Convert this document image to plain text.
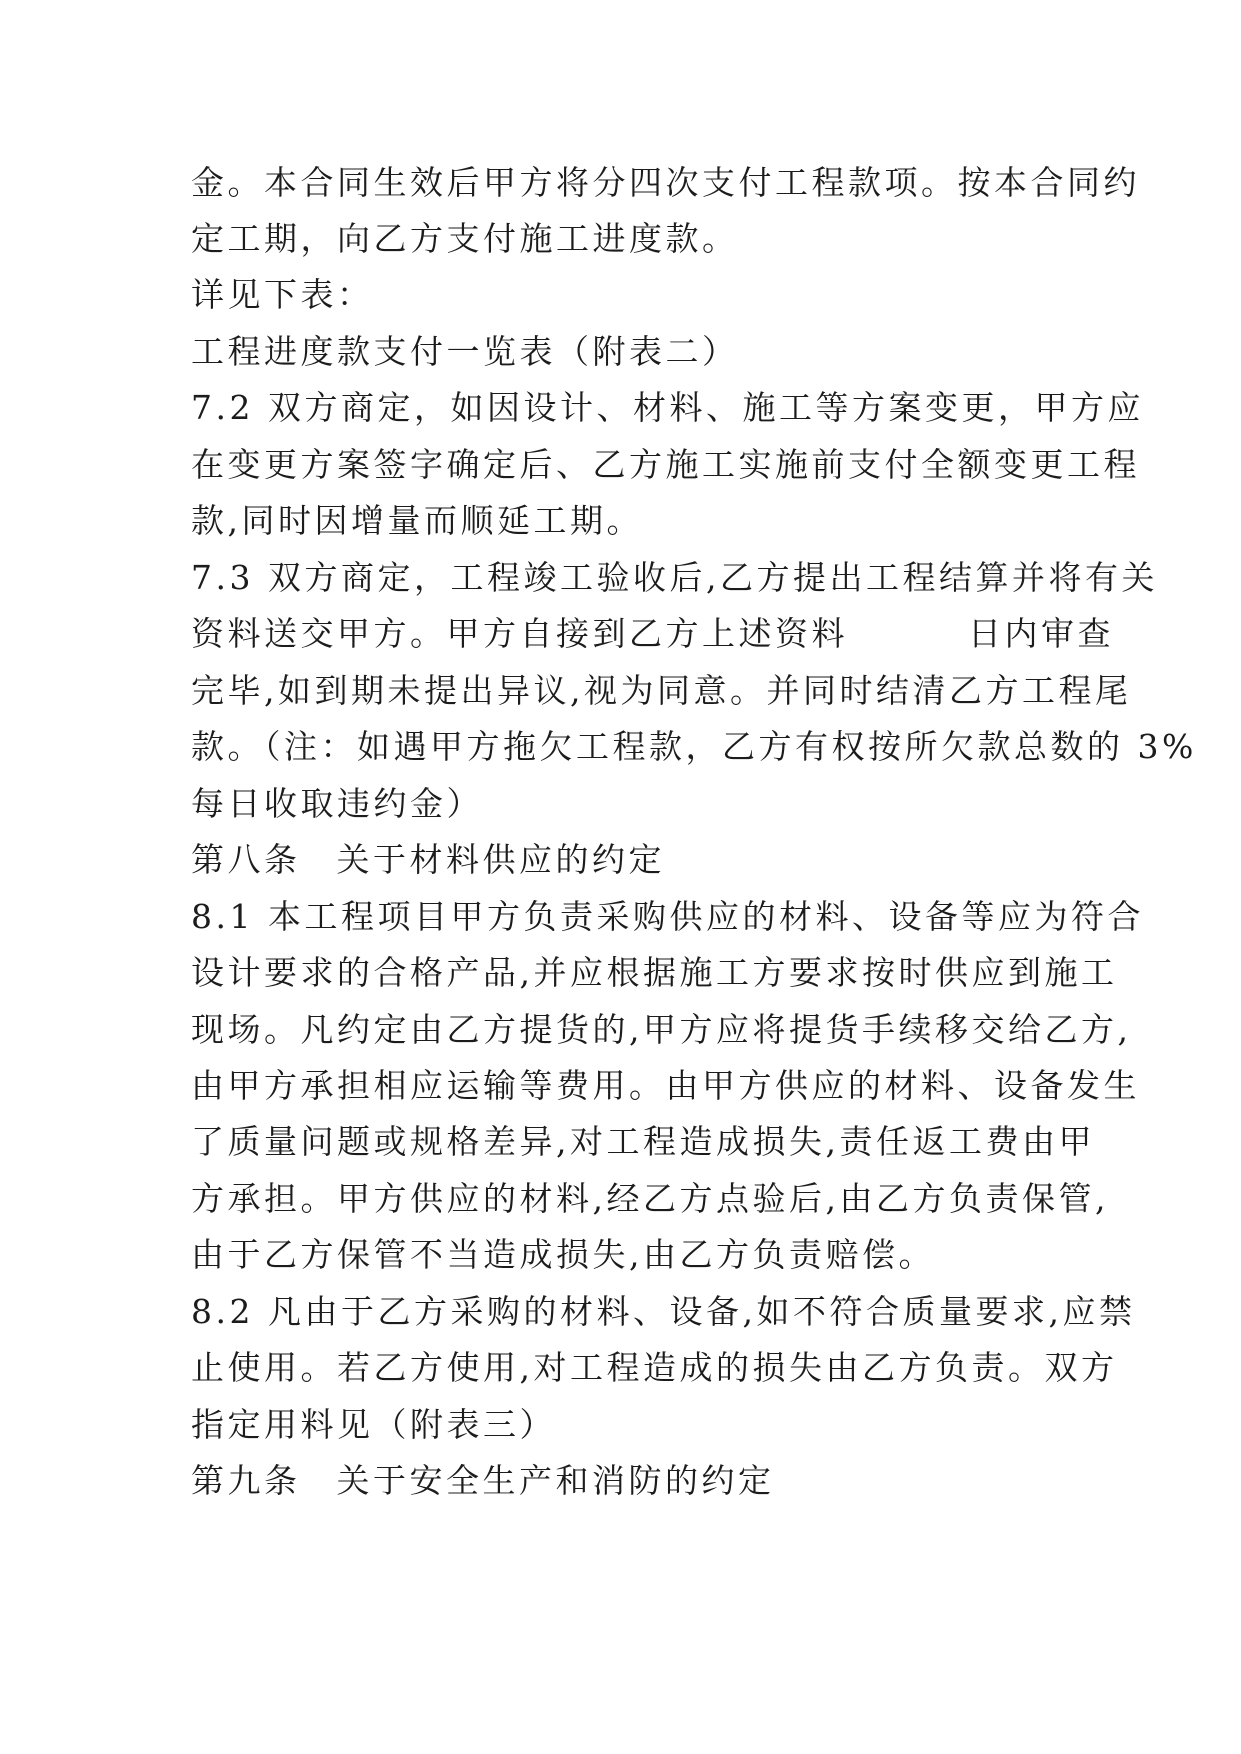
金。本合同生效后甲方将分四次支付工程款项。按本合同约
定工期，向乙方支付施工进度款。
详见下表：
工程进度款支付一览表（附表二）
7.2 双方商定，如因设计、材料、施工等方案变更，甲方应
在变更方案签字确定后、乙方施工实施前支付全额变更工程
款,同时因增量而顺延工期。
7.3 双方商定，工程竣工验收后,乙方提出工程结算并将有关
资料送交甲方。甲方自接到乙方上述资料	日内审查
完毕,如到期未提出异议,视为同意。并同时结清乙方工程尾
款。（注：如遇甲方拖欠工程款，乙方有权按所欠款总数的 3%
每日收取违约金）
第八条 关于材料供应的约定
8.1 本工程项目甲方负责采购供应的材料、设备等应为符合
设计要求的合格产品,并应根据施工方要求按时供应到施工
现场。凡约定由乙方提货的,甲方应将提货手续移交给乙方,
由甲方承担相应运输等费用。由甲方供应的材料、设备发生
了质量问题或规格差异,对工程造成损失,责任返工费由甲
方承担。甲方供应的材料,经乙方点验后,由乙方负责保管,
由于乙方保管不当造成损失,由乙方负责赔偿。
8.2 凡由于乙方采购的材料、设备,如不符合质量要求,应禁
止使用。若乙方使用,对工程造成的损失由乙方负责。双方
指定用料见（附表三）
第九条 关于安全生产和消防的约定
